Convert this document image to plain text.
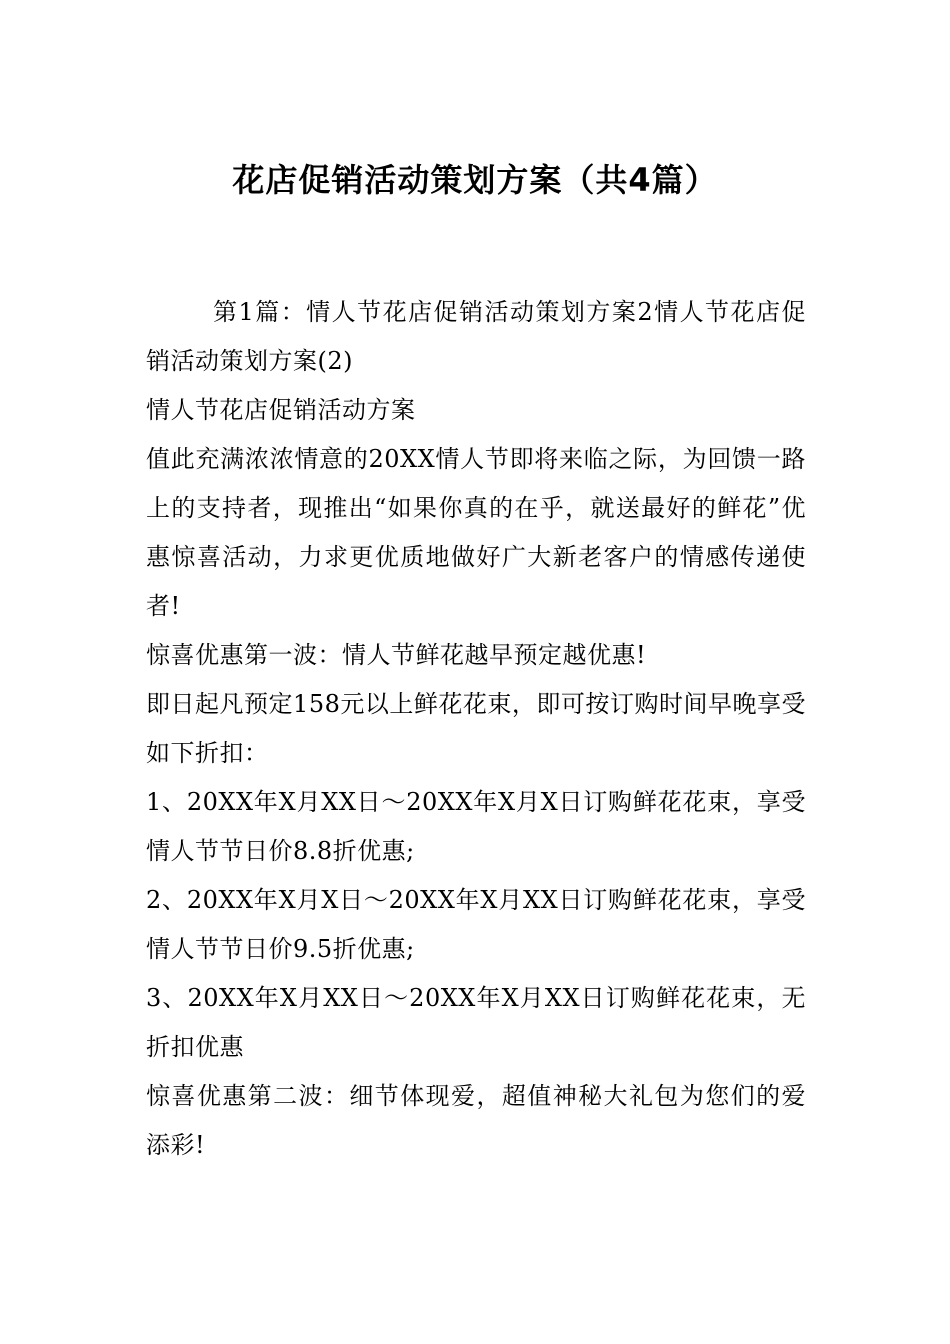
花店促销活动策划方案（共4篇）

第1篇：情人节花店促销活动策划方案2情人节花店促销活动策划方案(2)

情人节花店促销活动方案

值此充满浓浓情意的20XX情人节即将来临之际，为回馈一路上的支持者，现推出“如果你真的在乎，就送最好的鲜花”优惠惊喜活动，力求更优质地做好广大新老客户的情感传递使者!

惊喜优惠第一波：情人节鲜花越早预定越优惠!

即日起凡预定158元以上鲜花花束，即可按订购时间早晚享受如下折扣：

1、20XX年X月XX日～20XX年X月X日订购鲜花花束，享受情人节节日价8.8折优惠;

2、20XX年X月X日～20XX年X月XX日订购鲜花花束，享受情人节节日价9.5折优惠;

3、20XX年X月XX日～20XX年X月XX日订购鲜花花束，无折扣优惠

惊喜优惠第二波：细节体现爱，超值神秘大礼包为您们的爱添彩!
